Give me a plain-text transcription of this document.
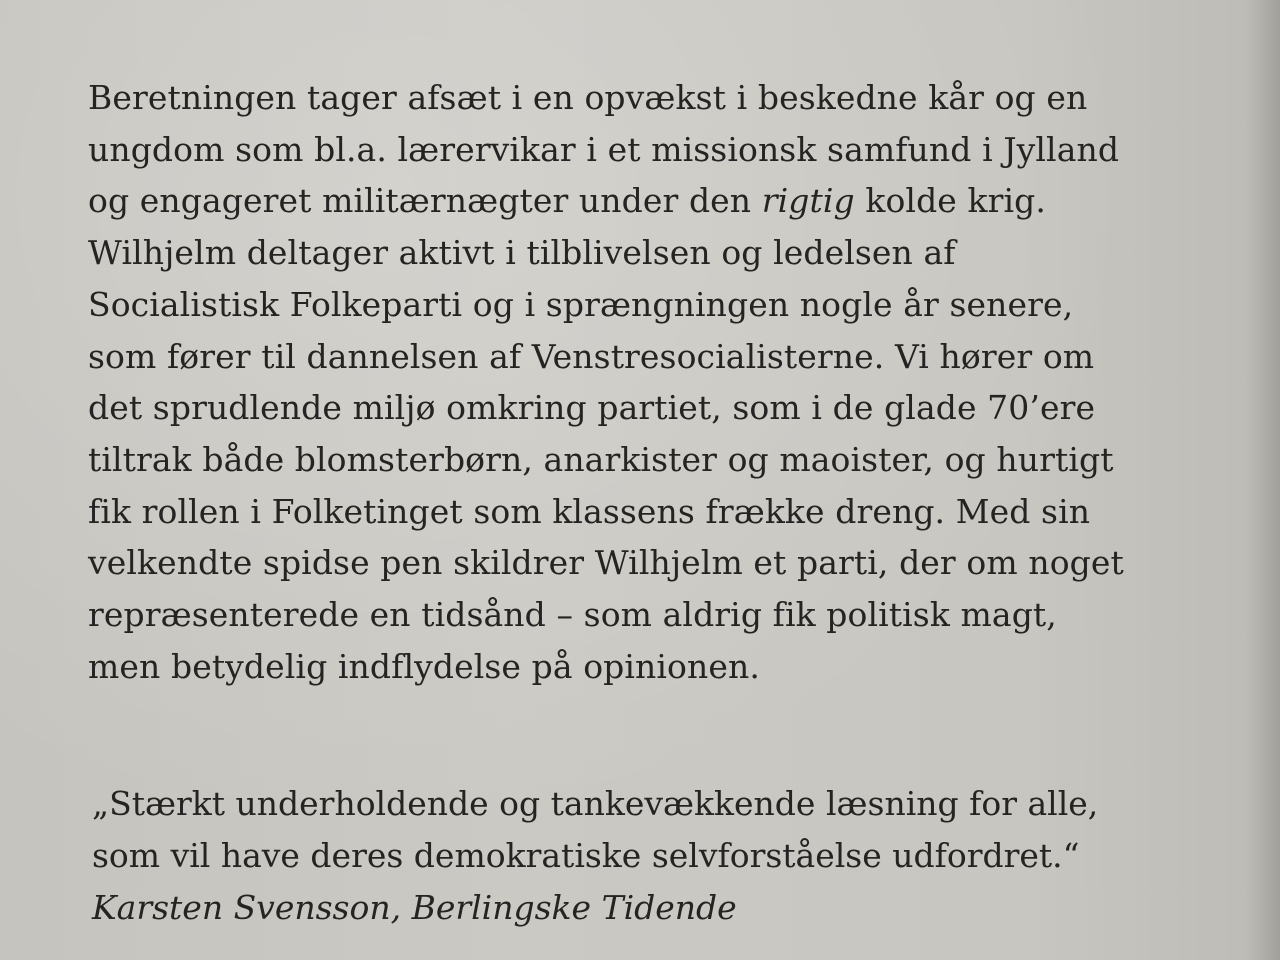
Beretningen tager afsæt i en opvækst i beskedne kår og en
ungdom som bl.a. lærervikar i et missionsk samfund i Jylland
og engageret militærnægter under den rigtig kolde krig.
Wilhjelm deltager aktivt i tilblivelsen og ledelsen af
Socialistisk Folkeparti og i sprængningen nogle år senere,
som fører til dannelsen af Venstresocialisterne. Vi hører om
det sprudlende miljø omkring partiet, som i de glade 70’ere
tiltrak både blomsterbørn, anarkister og maoister, og hurtigt
fik rollen i Folketinget som klassens frække dreng. Med sin
velkendte spidse pen skildrer Wilhjelm et parti, der om noget
repræsenterede en tidsånd – som aldrig fik politisk magt,
men betydelig indflydelse på opinionen.
„Stærkt underholdende og tankevækkende læsning for alle,
som vil have deres demokratiske selvforståelse udfordret.“
Karsten Svensson, Berlingske Tidende
